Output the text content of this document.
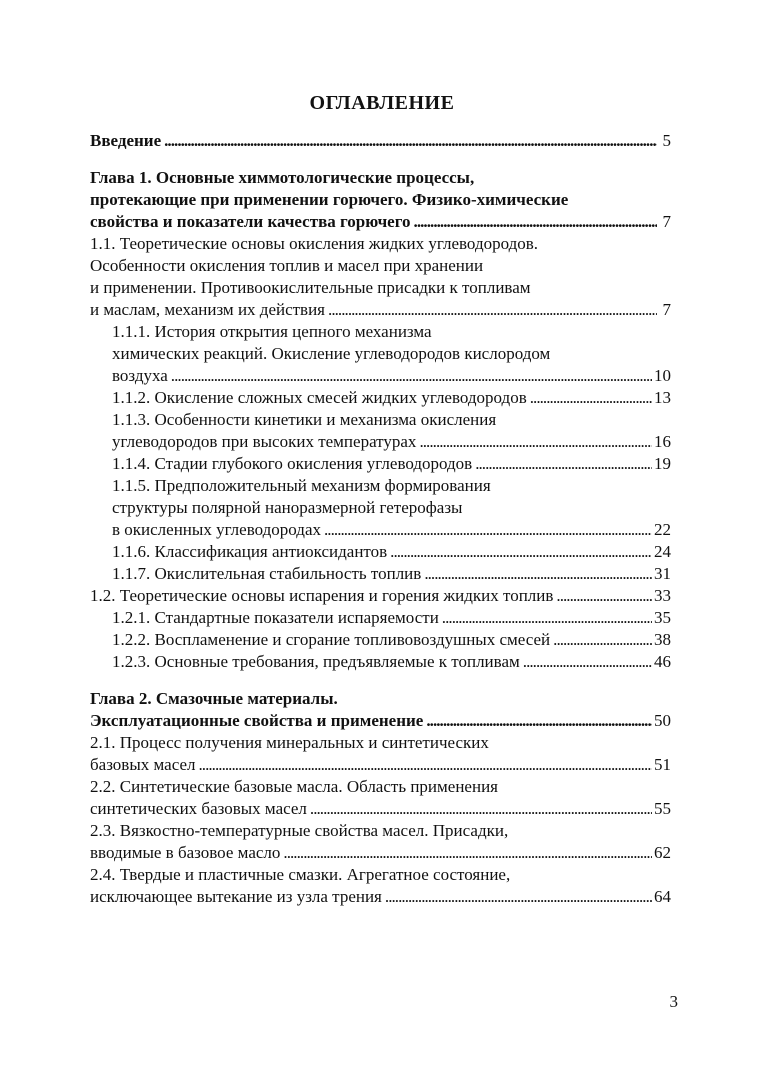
ОГЛАВЛЕНИЕ
Введение . . .	5
Глава 1. Основные химмотологические процессы,
протекающие при применении горючего. Физико-химические
свойства и показатели качества горючего . . .	7
1.1. Теоретические основы окисления жидких углеводородов.
Особенности окисления топлив и масел при хранении
и применении. Противоокислительные присадки к топливам
и маслам, механизм их действия . . .	7
1.1.1. История открытия цепного механизма
химических реакций. Окисление углеводородов кислородом
воздуха . . .	10
1.1.2. Окисление сложных смесей жидких углеводородов . . .	13
1.1.3. Особенности кинетики и механизма окисления
углеводородов при высоких температурах . . .	16
1.1.4. Стадии глубокого окисления углеводородов . . .	19
1.1.5. Предположительный механизм формирования
структуры полярной наноразмерной гетерофазы
в окисленных углеводородах . . .	22
1.1.6. Классификация антиоксидантов . . .	24
1.1.7. Окислительная стабильность топлив . . .	31
1.2. Теоретические основы испарения и горения жидких топлив . . .	33
1.2.1. Стандартные показатели испаряемости . . .	35
1.2.2. Воспламенение и сгорание топливовоздушных смесей . . .	38
1.2.3. Основные требования, предъявляемые к топливам . . .	46
Глава 2. Смазочные материалы.
Эксплуатационные свойства и применение . . .	50
2.1. Процесс получения минеральных и синтетических
базовых масел . . .	51
2.2. Синтетические базовые масла. Область применения
синтетических базовых масел . . .	55
2.3. Вязкостно-температурные свойства масел. Присадки,
вводимые в базовое масло . . .	62
2.4. Твердые и пластичные смазки. Агрегатное состояние,
исключающее вытекание из узла трения . . .	64
3
